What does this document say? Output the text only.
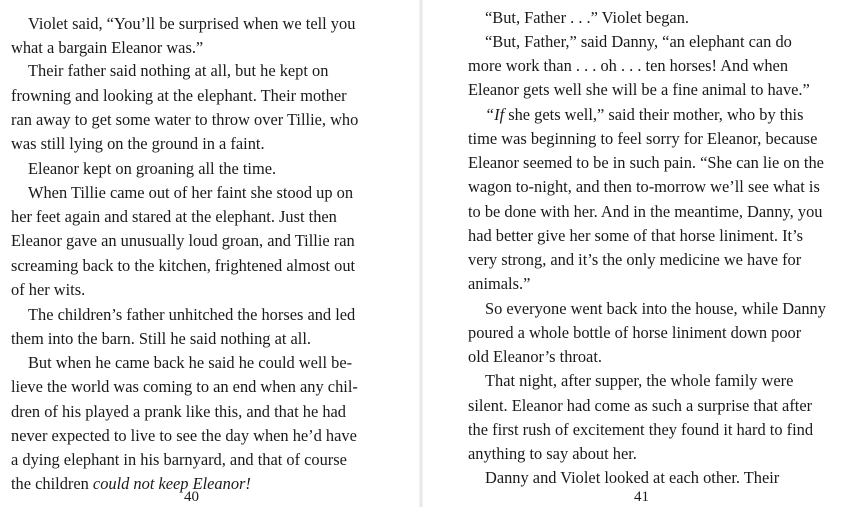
Violet said, “You’ll be surprised when we tell you
what a bargain Eleanor was.”
Their father said nothing at all, but he kept on
frowning and looking at the elephant. Their mother
ran away to get some water to throw over Tillie, who
was still lying on the ground in a faint.
Eleanor kept on groaning all the time.
When Tillie came out of her faint she stood up on
her feet again and stared at the elephant. Just then
Eleanor gave an unusually loud groan, and Tillie ran
screaming back to the kitchen, frightened almost out
of her wits.
The children’s father unhitched the horses and led
them into the barn. Still he said nothing at all.
But when he came back he said he could well be-
lieve the world was coming to an end when any chil-
dren of his played a prank like this, and that he had
never expected to live to see the day when he’d have
a dying elephant in his barnyard, and that of course
the children could not keep Eleanor!
40
“But, Father . . .” Violet began.
“But, Father,” said Danny, “an elephant can do
more work than . . . oh . . . ten horses! And when
Eleanor gets well she will be a fine animal to have.”
“If she gets well,” said their mother, who by this
time was beginning to feel sorry for Eleanor, because
Eleanor seemed to be in such pain. “She can lie on the
wagon to-night, and then to-morrow we’ll see what is
to be done with her. And in the meantime, Danny, you
had better give her some of that horse liniment. It’s
very strong, and it’s the only medicine we have for
animals.”
So everyone went back into the house, while Danny
poured a whole bottle of horse liniment down poor
old Eleanor’s throat.
That night, after supper, the whole family were
silent. Eleanor had come as such a surprise that after
the first rush of excitement they found it hard to find
anything to say about her.
Danny and Violet looked at each other. Their
41
